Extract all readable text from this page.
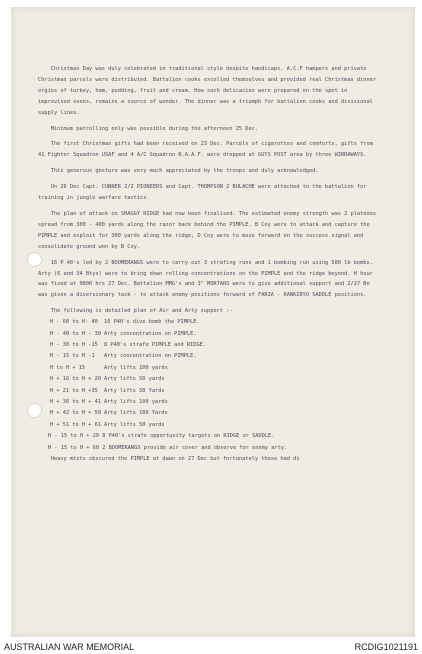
Christmas Day was duly celebrated in traditional style despite handicaps. A.C.F hampers and private Christmas parcels were distributed. Battalion cooks excelled themselves and provided real Christmas dinner orgies of turkey, ham, pudding, fruit and cream. How such delicacies were prepared on the spot in improvised ovens, remains a source of wonder. The dinner was a triumph for battalion cooks and divisional supply lines.

Minimum patrolling only was possible during the afternoon 25 Dec.

The first Christmas gifts had been received on 23 Dec. Parcels of cigarettes and comforts, gifts from 41 Fighter Squadron USAF and 4 A/C Squadron R.A.A.F. were dropped at GUYS POST area by three WIRRAWAYS.

This generous gesture was very much appreciated by the troops and duly acknowledged.

On 26 Dec Capt. CUNNER 2/2 PIONEERS and Capt. THOMPSON 2 BULACHE were attached to the battalion for training in jungle warfare tactics.

The plan of attack on SHAGGY RIDGE had now been finalised. The estimated enemy strength was 2 platoons spread from 300 - 400 yards along the razor back behind the PIMPLE. B Coy were to attack and capture the PIMPLE and exploit for 300 yards along the ridge, D Coy were to move forward on the success signal and consolidate ground won by B Coy.

16 P 40's led by 2 BOOMERANGS were to carry out 3 strafing runs and 1 bombing run using 500 lb bombs. Arty (6 and 34 Btys) were to bring down rolling concentrations on the PIMPLE and the ridge beyond. H hour was fixed at 0800 hrs 27 Dec. Battalion MMG's and 3" MORTARS were to give additional support and 2/27 Bn was given a diversionary task - to attack enemy positions forward of FARIA - KANKIRYO SADDLE positions.

The following is detailed plan of Air and Arty support :-

H - 60 to H- 40	16 P40's dive bomb the PIMPLE.
H - 40 to H - 30 Arty concentration on PIMPLE.
H - 30 to H -15	8 P40's strafe PIMPLE and RIDGE.
H - 15 to H -1	Arty concentration on PIMPLE.
H to H + 15	Arty lifts 100 yards
H + 16 to H + 20 Arty lifts 50 yards
H + 21 to H +35	Arty lifts 50 Yards
H + 36 to H + 41 Arty lifts 100 yards
H + 42 to H + 50 Arty lifts 100 Yards
H + 51 to H + 61 Arty lifts 50 yards
H - 15 to H + 20 8 P40's strafe opportunity targets on RIDGE or SADDLE.
H - 15 to H + 60 2 BOOMERANGS provide air cover and observe for enemy arty.

Heavy mists obscured the PIMPLE at dawn on 27 Dec but fortunately these had di

AUSTRALIAN WAR MEMORIAL	RCDIG1021191
